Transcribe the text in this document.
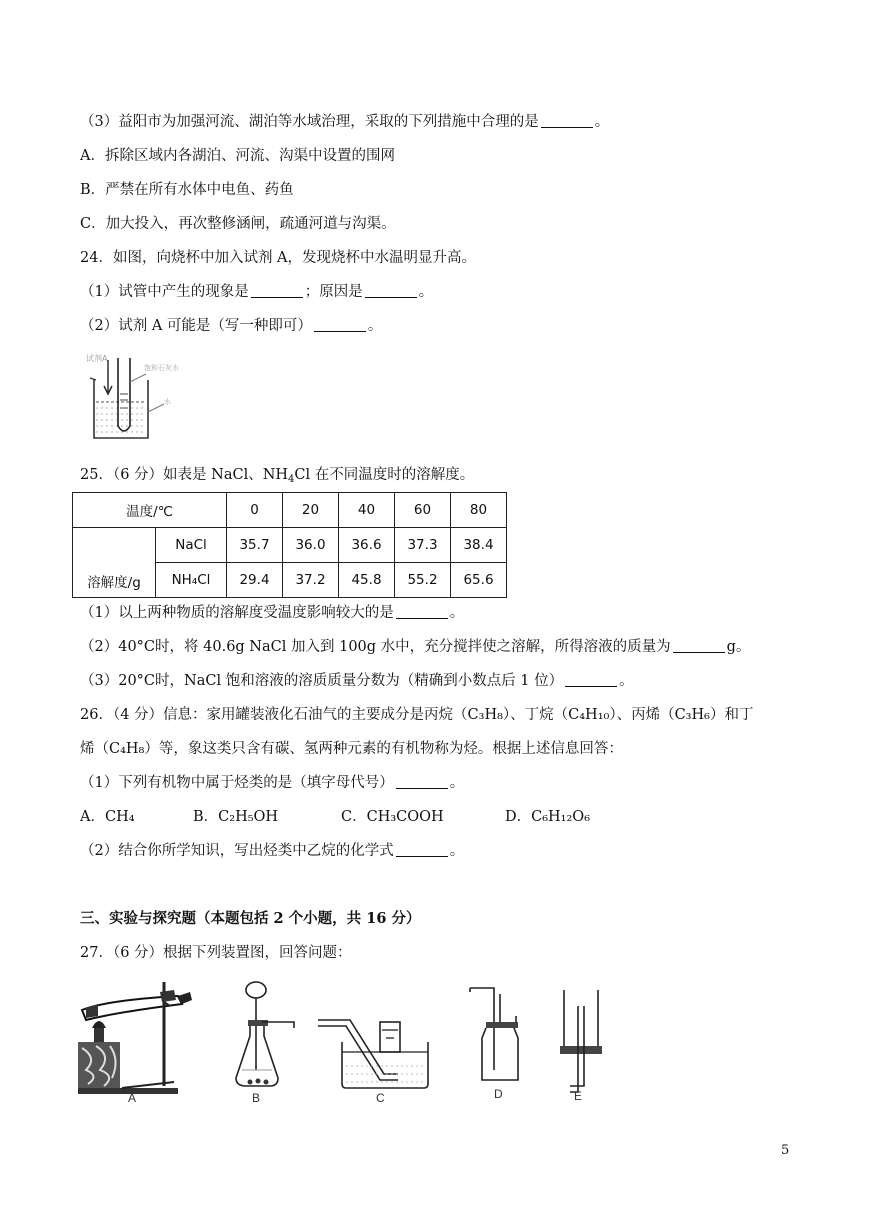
（3）益阳市为加强河流、湖泊等水域治理，采取的下列措施中合理的是	。
A．拆除区域内各湖泊、河流、沟渠中设置的围网
B．严禁在所有水体中电鱼、药鱼
C．加大投入，再次整修涵闸，疏通河道与沟渠。
24．如图，向烧杯中加入试剂 A，发现烧杯中水温明显升高。
（1）试管中产生的现象是	；原因是	。
（2）试剂 A 可能是（写一种即可）	。
试剂A
饱和石灰水
水
25．（6 分）如表是 NaCl、$NH_4Cl$ 在不同温度时的溶解度。
温度/℃		0	20	40	60	80
溶解度/g	NaCl	35.7	36.0	36.6	37.3	38.4
	NH₄Cl	29.4	37.2	45.8	55.2	65.6
（1）以上两种物质的溶解度受温度影响较大的是	。
（2）40°C时，将 40.6g NaCl 加入到 100g 水中，充分搅拌使之溶解，所得溶液的质量为	g。
（3）20°C时，NaCl 饱和溶液的溶质质量分数为（精确到小数点后 1 位）	。
26．（4 分）信息：家用罐装液化石油气的主要成分是丙烷（C₃H₈）、丁烷（C₄H₁₀）、丙烯（C₃H₆）和丁
烯（C₄H₈）等，象这类只含有碳、氢两种元素的有机物称为烃。根据上述信息回答：
（1）下列有机物中属于烃类的是（填字母代号）	。
A．CH₄	B．C₂H₅OH	C．CH₃COOH	D．C₆H₁₂O₆
（2）结合你所学知识，写出烃类中乙烷的化学式	。
三、实验与探究题（本题包括 2 个小题，共 16 分）
27．（6 分）根据下列装置图，回答问题：
A	B	C	D	E
5
